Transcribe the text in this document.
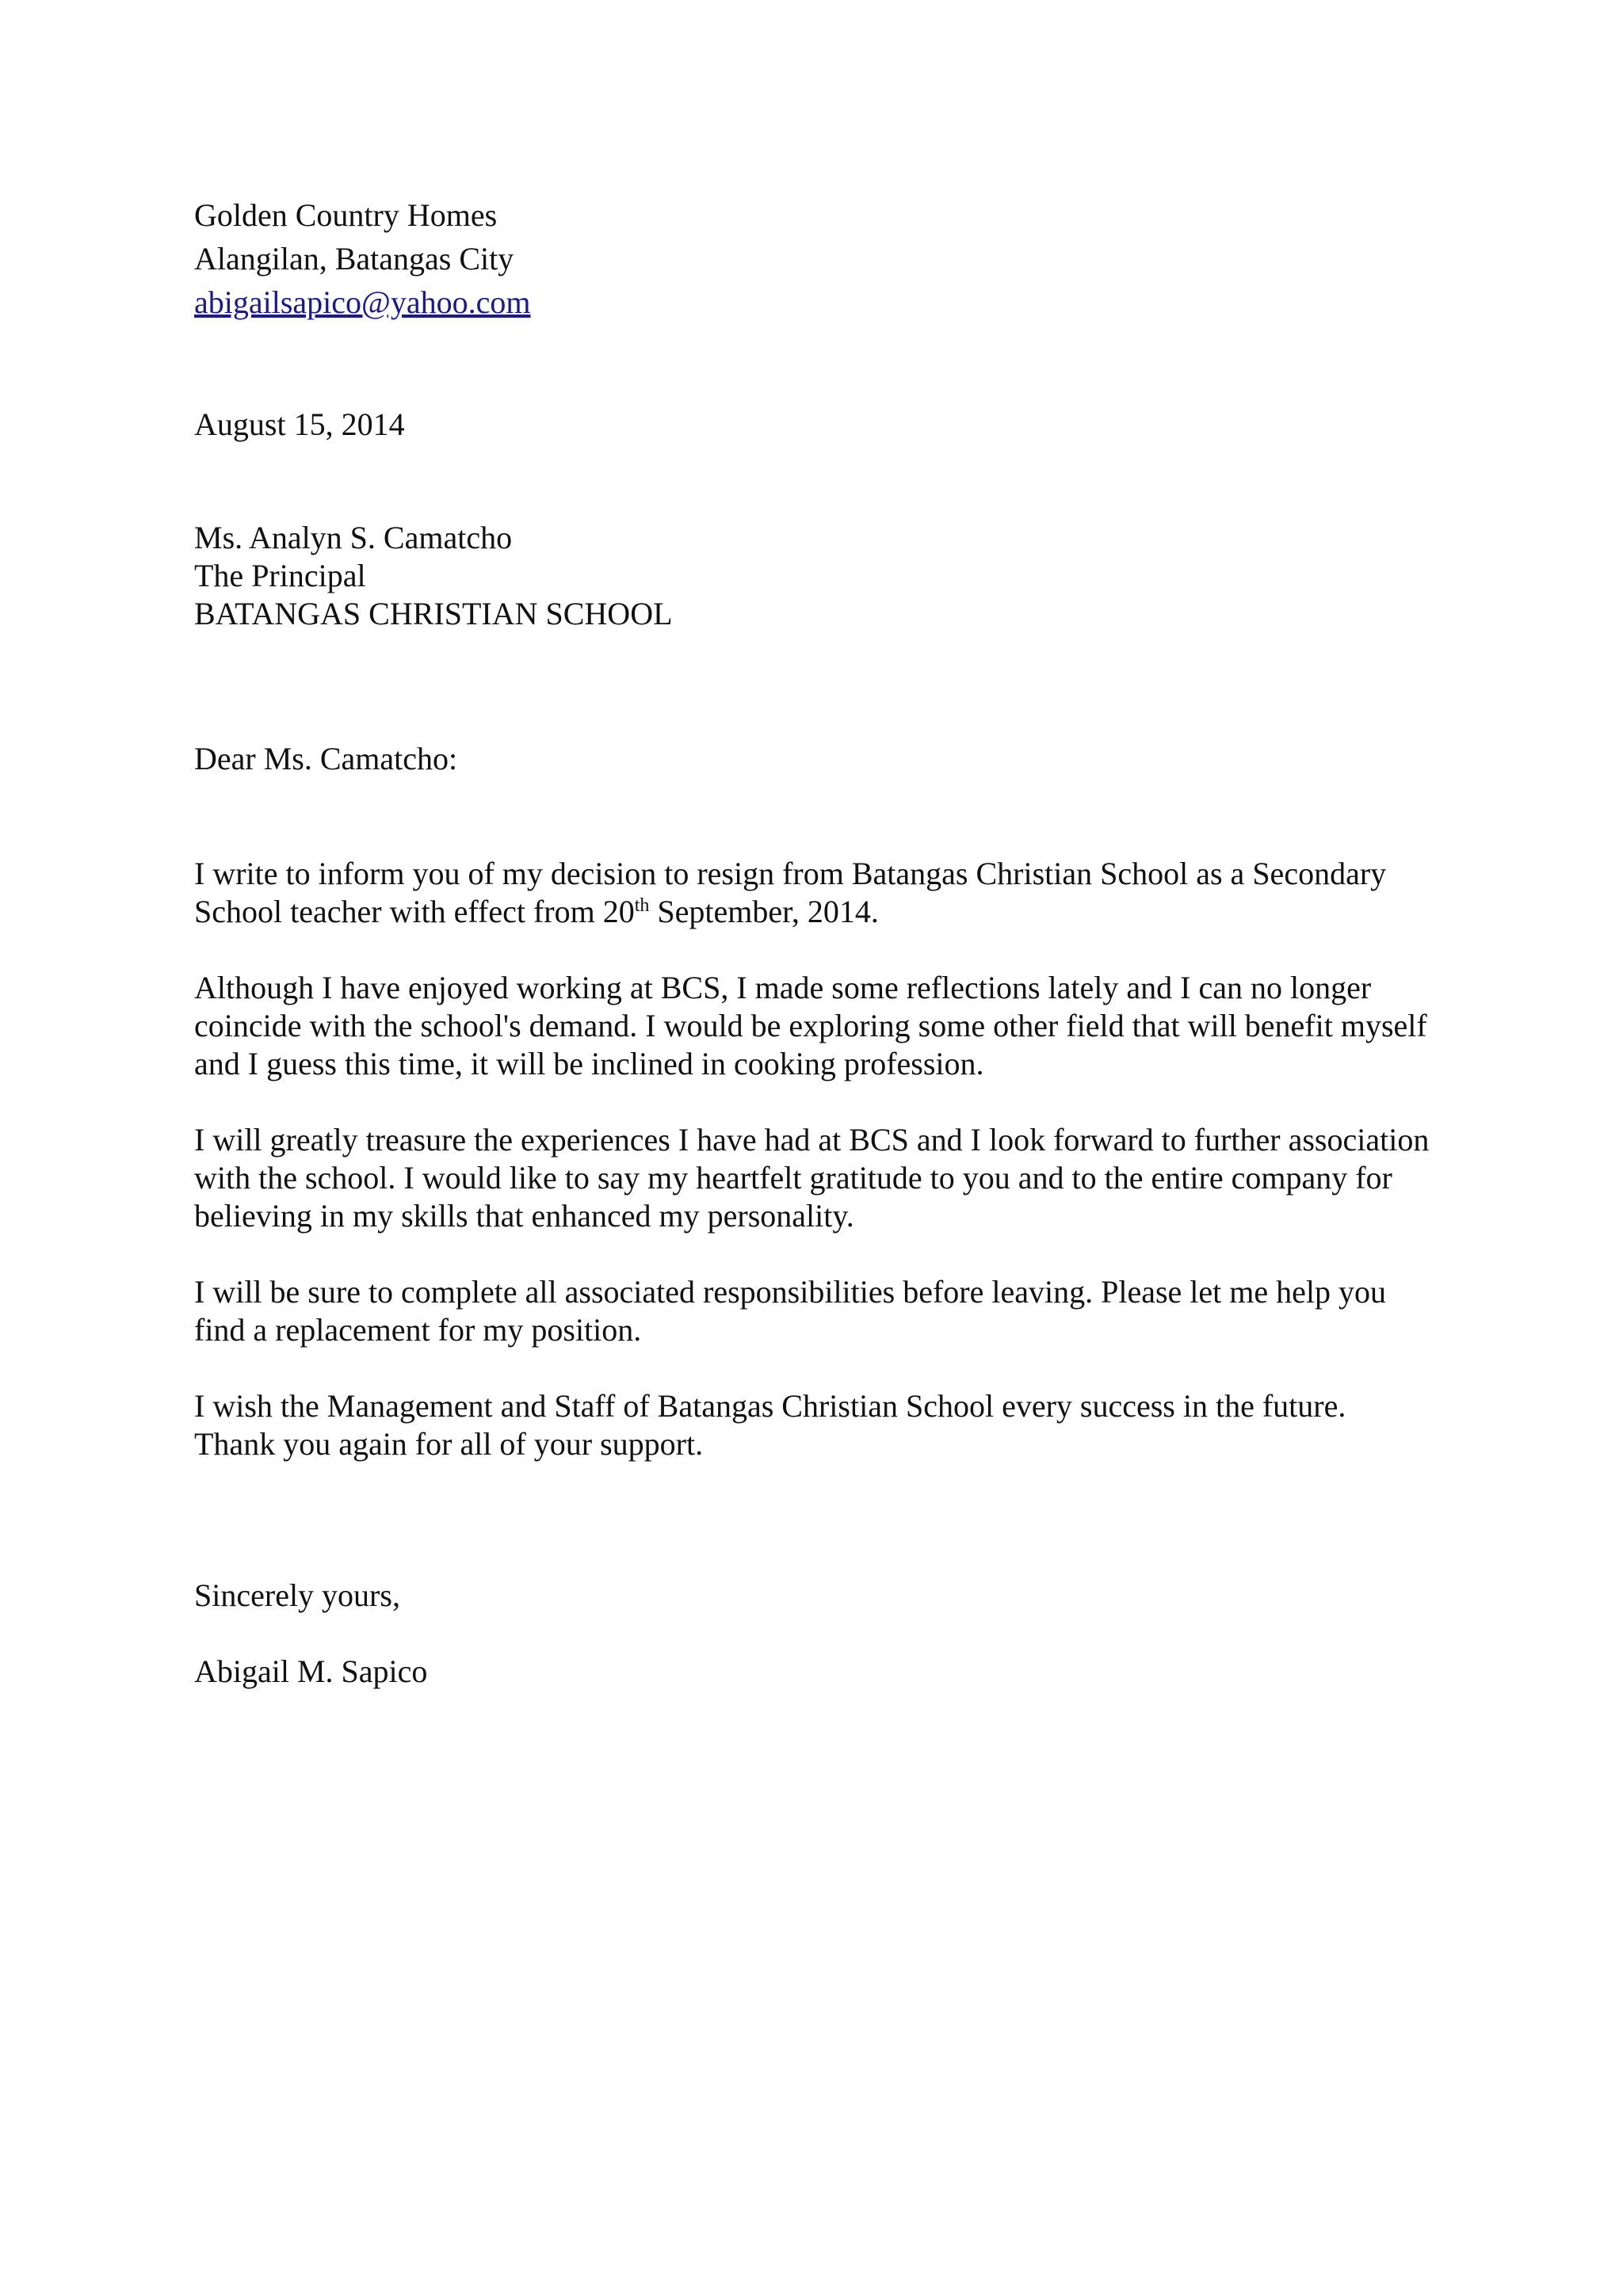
Golden Country Homes
Alangilan, Batangas City
abigailsapico@yahoo.com
August 15, 2014
Ms. Analyn S. Camatcho
The Principal
BATANGAS CHRISTIAN SCHOOL
Dear Ms. Camatcho:

I write to inform you of my decision to resign from Batangas Christian School as a Secondary
School teacher with effect from 20th September, 2014.

Although I have enjoyed working at BCS, I made some reflections lately and I can no longer
coincide with the school's demand. I would be exploring some other field that will benefit myself
and I guess this time, it will be inclined in cooking profession.

I will greatly treasure the experiences I have had at BCS and I look forward to further association
with the school. I would like to say my heartfelt gratitude to you and to the entire company for
believing in my skills that enhanced my personality.

I will be sure to complete all associated responsibilities before leaving. Please let me help you
find a replacement for my position.

I wish the Management and Staff of Batangas Christian School every success in the future.
Thank you again for all of your support.

Sincerely yours,
Abigail M. Sapico
